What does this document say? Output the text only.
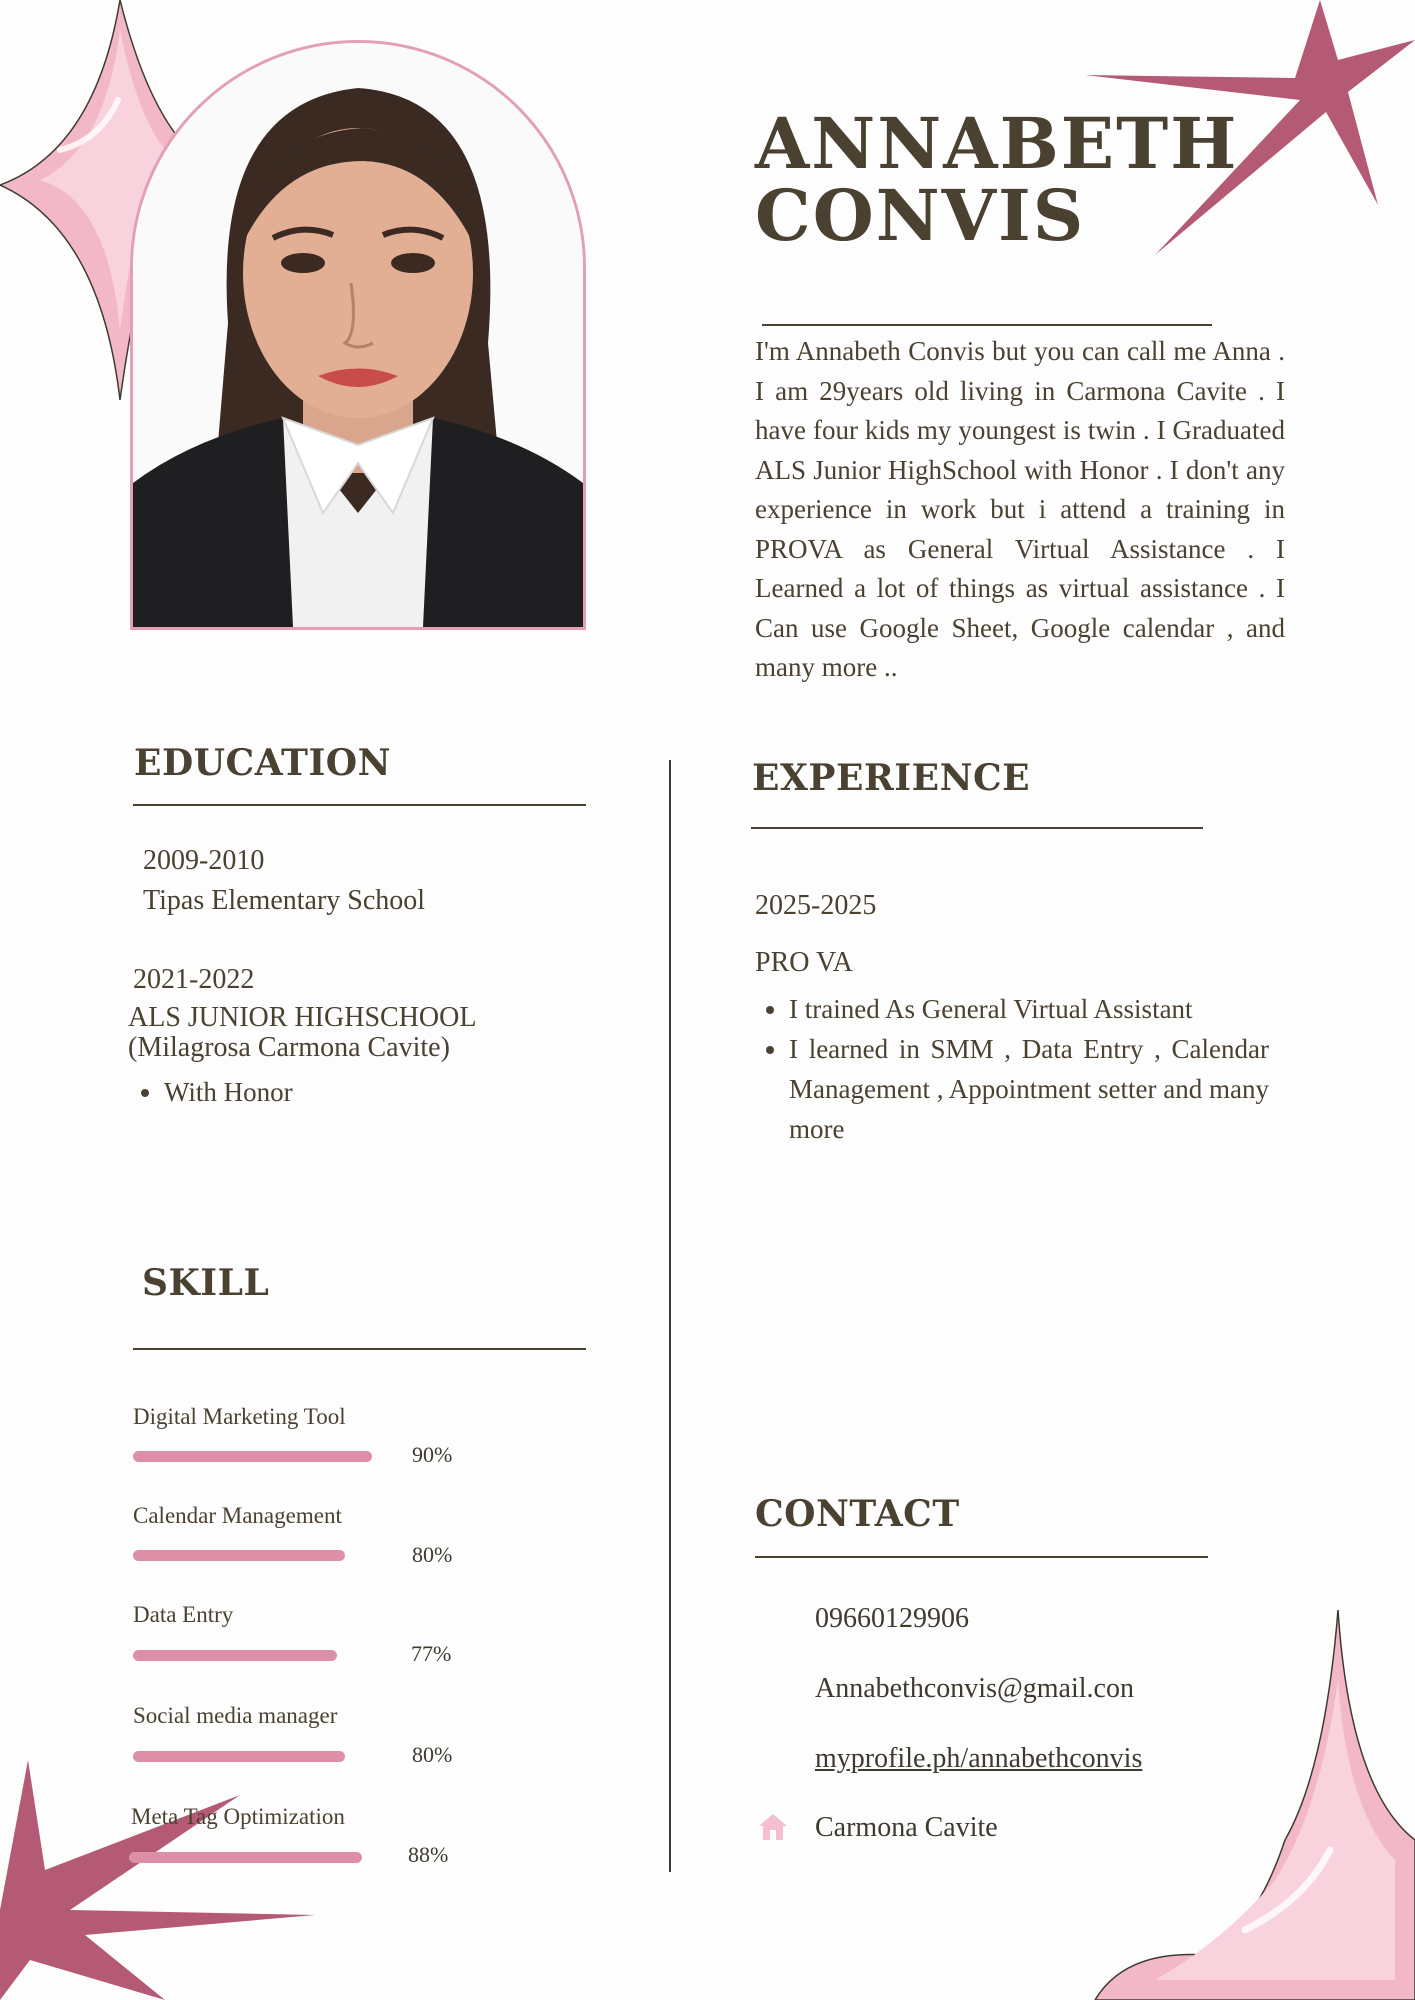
ANNABETH
CONVIS

I'm Annabeth Convis but you can call me Anna . I am 29years old living in Carmona Cavite . I have four kids my youngest is twin . I Graduated ALS Junior HighSchool with Honor . I don't any experience in work but i attend a training in PROVA as General Virtual Assistance . I Learned a lot of things as virtual assistance . I Can use Google Sheet, Google calendar , and many more ..

EDUCATION
2009-2010
Tipas Elementary School
2021-2022
ALS JUNIOR HIGHSCHOOL
(Milagrosa Carmona Cavite)
• With Honor
SKILL
Digital Marketing Tool
90%
Calendar Management
80%
Data Entry
77%
Social media manager
80%
Meta Tag Optimization
88%
EXPERIENCE
2025-2025
PRO VA
• I trained As General Virtual Assistant
• I learned in SMM , Data Entry , Calendar Management , Appointment setter and many more
CONTACT
09660129906
Annabethconvis@gmail.con
myprofile.ph/annabethconvis
Carmona Cavite
